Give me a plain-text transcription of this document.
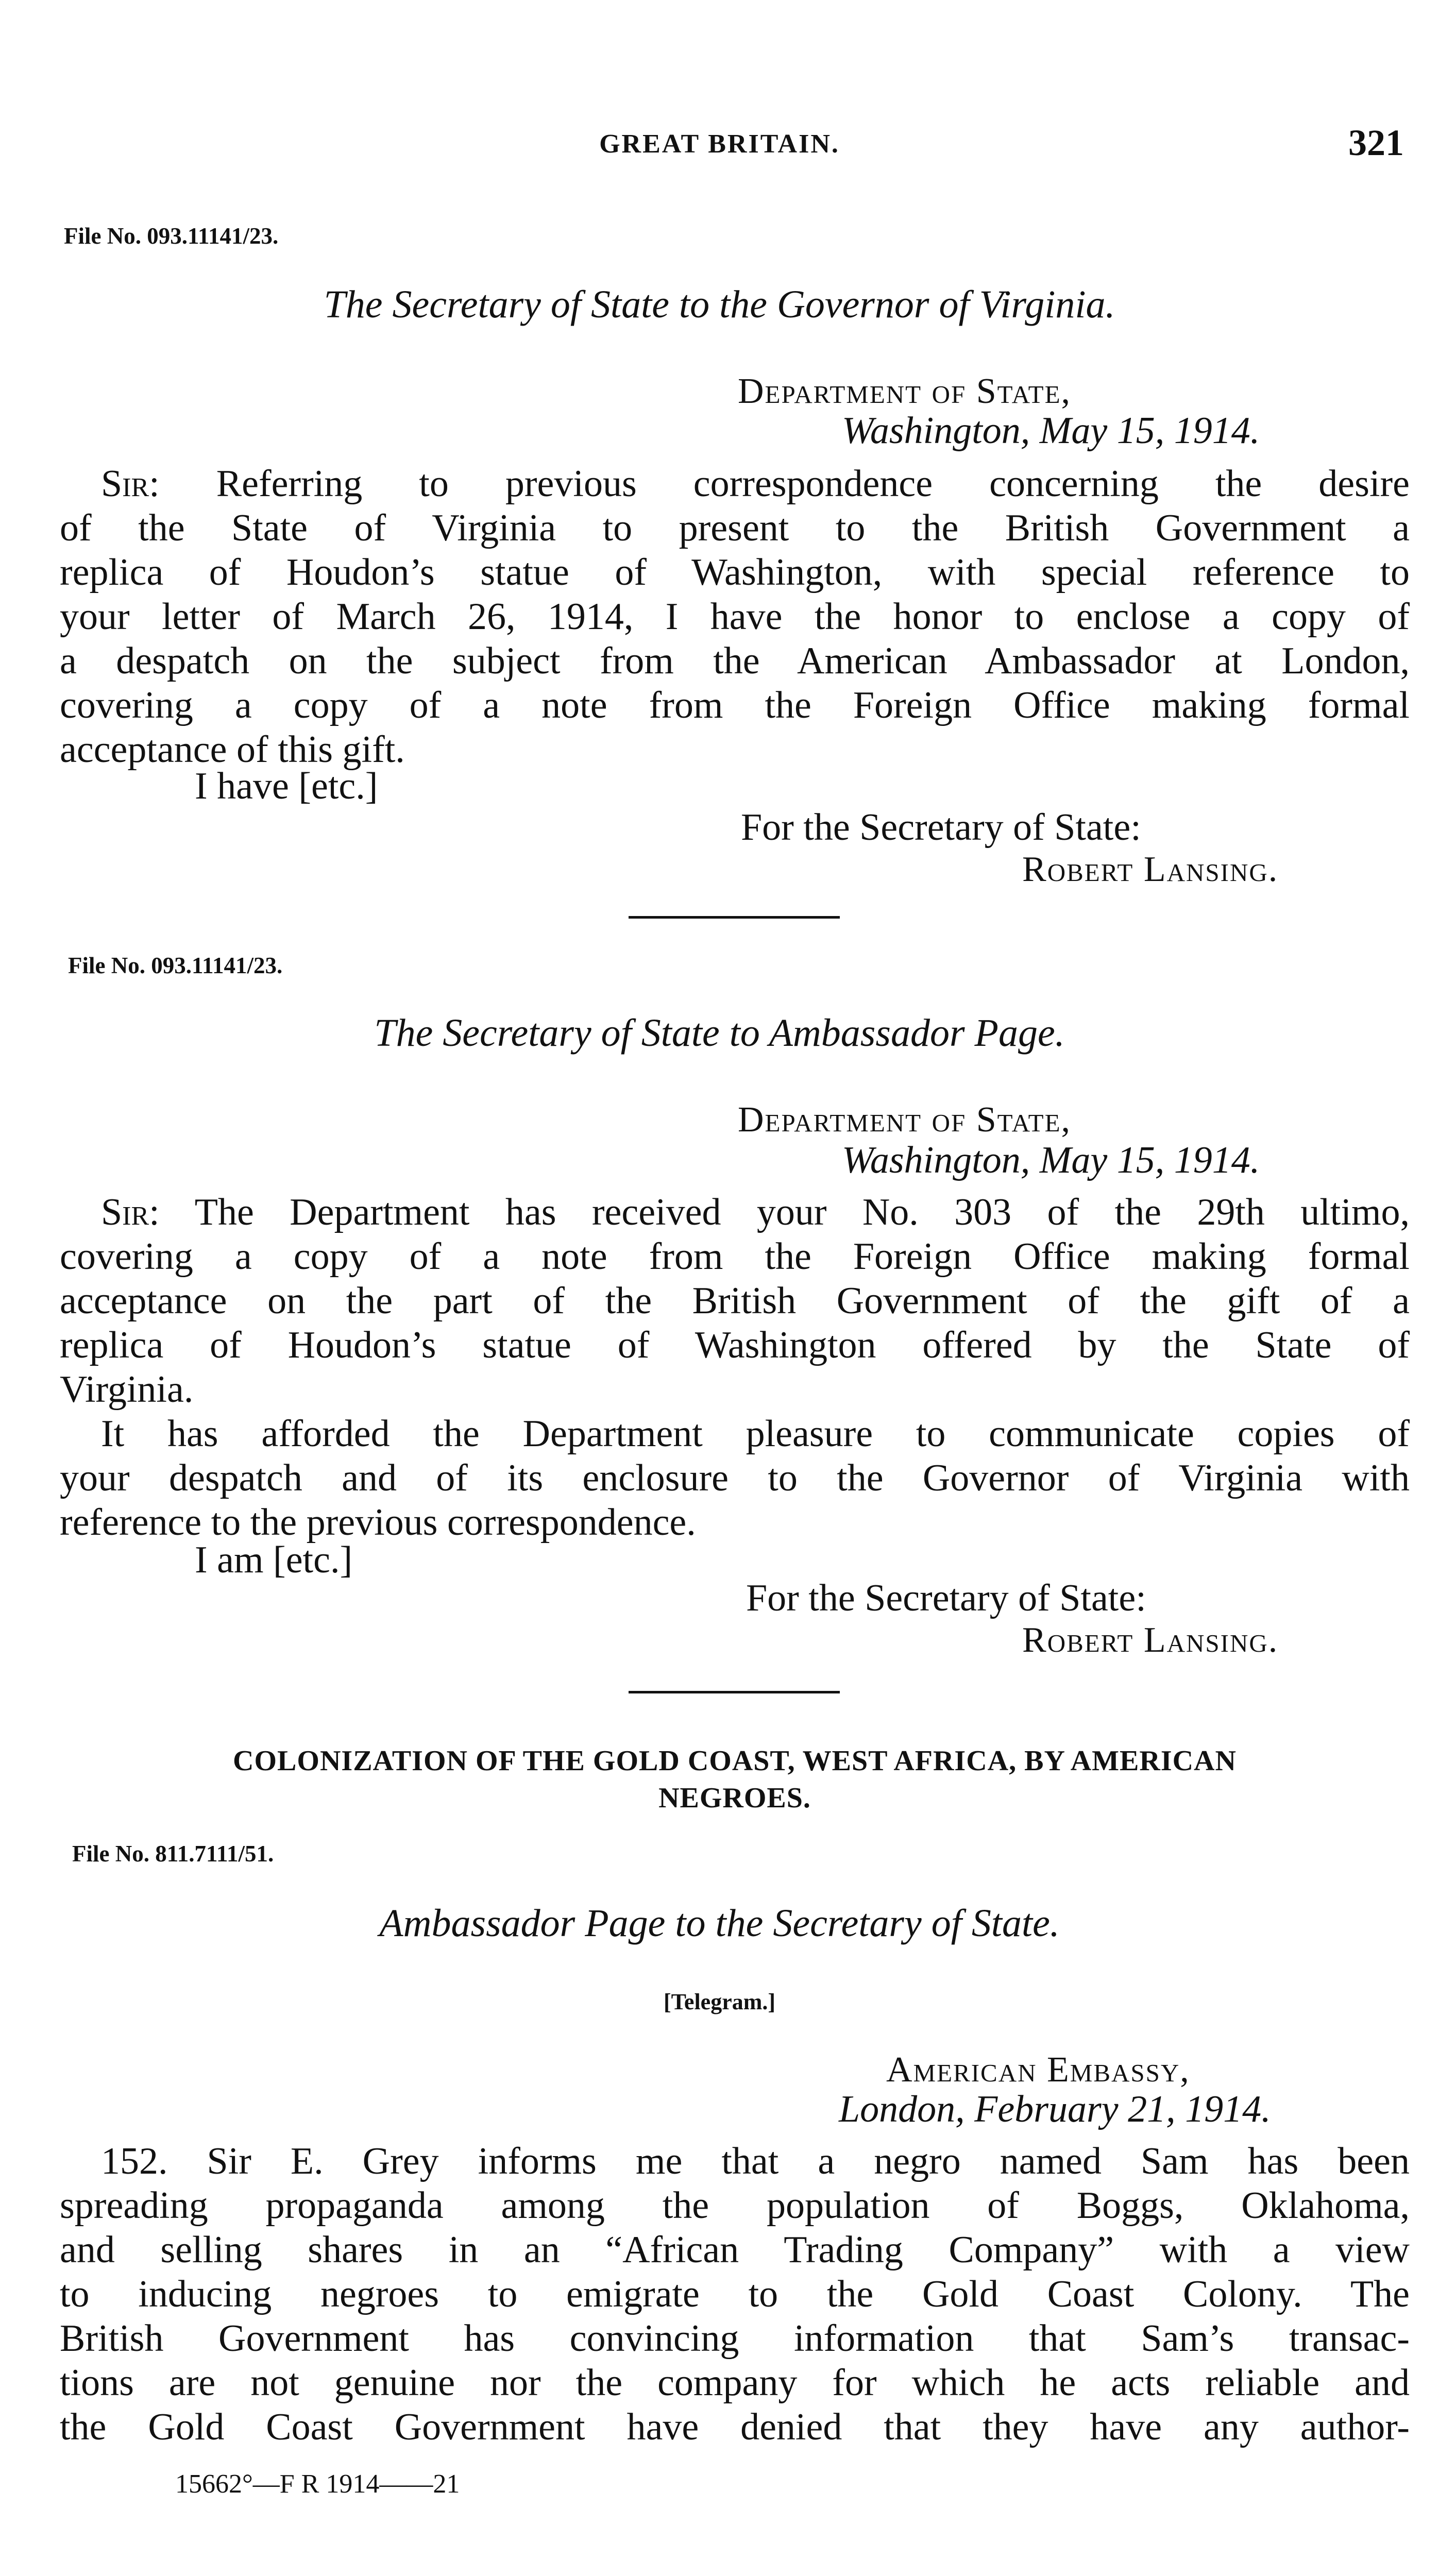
GREAT BRITAIN.	321
File No. 093.11141/23.
The Secretary of State to the Governor of Virginia.
Department of State,
Washington, May 15, 1914.
Sir: Referring to previous correspondence concerning the desire
of the State of Virginia to present to the British Government a
replica of Houdon’s statue of Washington, with special reference to
your letter of March 26, 1914, I have the honor to enclose a copy of
a despatch on the subject from the American Ambassador at London,
covering a copy of a note from the Foreign Office making formal
acceptance of this gift.
I have [etc.]
For the Secretary of State:
Robert Lansing.
File No. 093.11141/23.
The Secretary of State to Ambassador Page.
Department of State,
Washington, May 15, 1914.
Sir: The Department has received your No. 303 of the 29th ultimo,
covering a copy of a note from the Foreign Office making formal
acceptance on the part of the British Government of the gift of a
replica of Houdon’s statue of Washington offered by the State of
Virginia.
It has afforded the Department pleasure to communicate copies of
your despatch and of its enclosure to the Governor of Virginia with
reference to the previous correspondence.
I am [etc.]
For the Secretary of State:
Robert Lansing.
COLONIZATION OF THE GOLD COAST, WEST AFRICA, BY AMERICAN
NEGROES.
File No. 811.7111/51.
Ambassador Page to the Secretary of State.
[Telegram.]
American Embassy,
London, February 21, 1914.
152. Sir E. Grey informs me that a negro named Sam has been
spreading propaganda among the population of Boggs, Oklahoma,
and selling shares in an “African Trading Company” with a view
to inducing negroes to emigrate to the Gold Coast Colony. The
British Government has convincing information that Sam’s transac-
tions are not genuine nor the company for which he acts reliable and
the Gold Coast Government have denied that they have any author-
15662°—F R 1914——21
